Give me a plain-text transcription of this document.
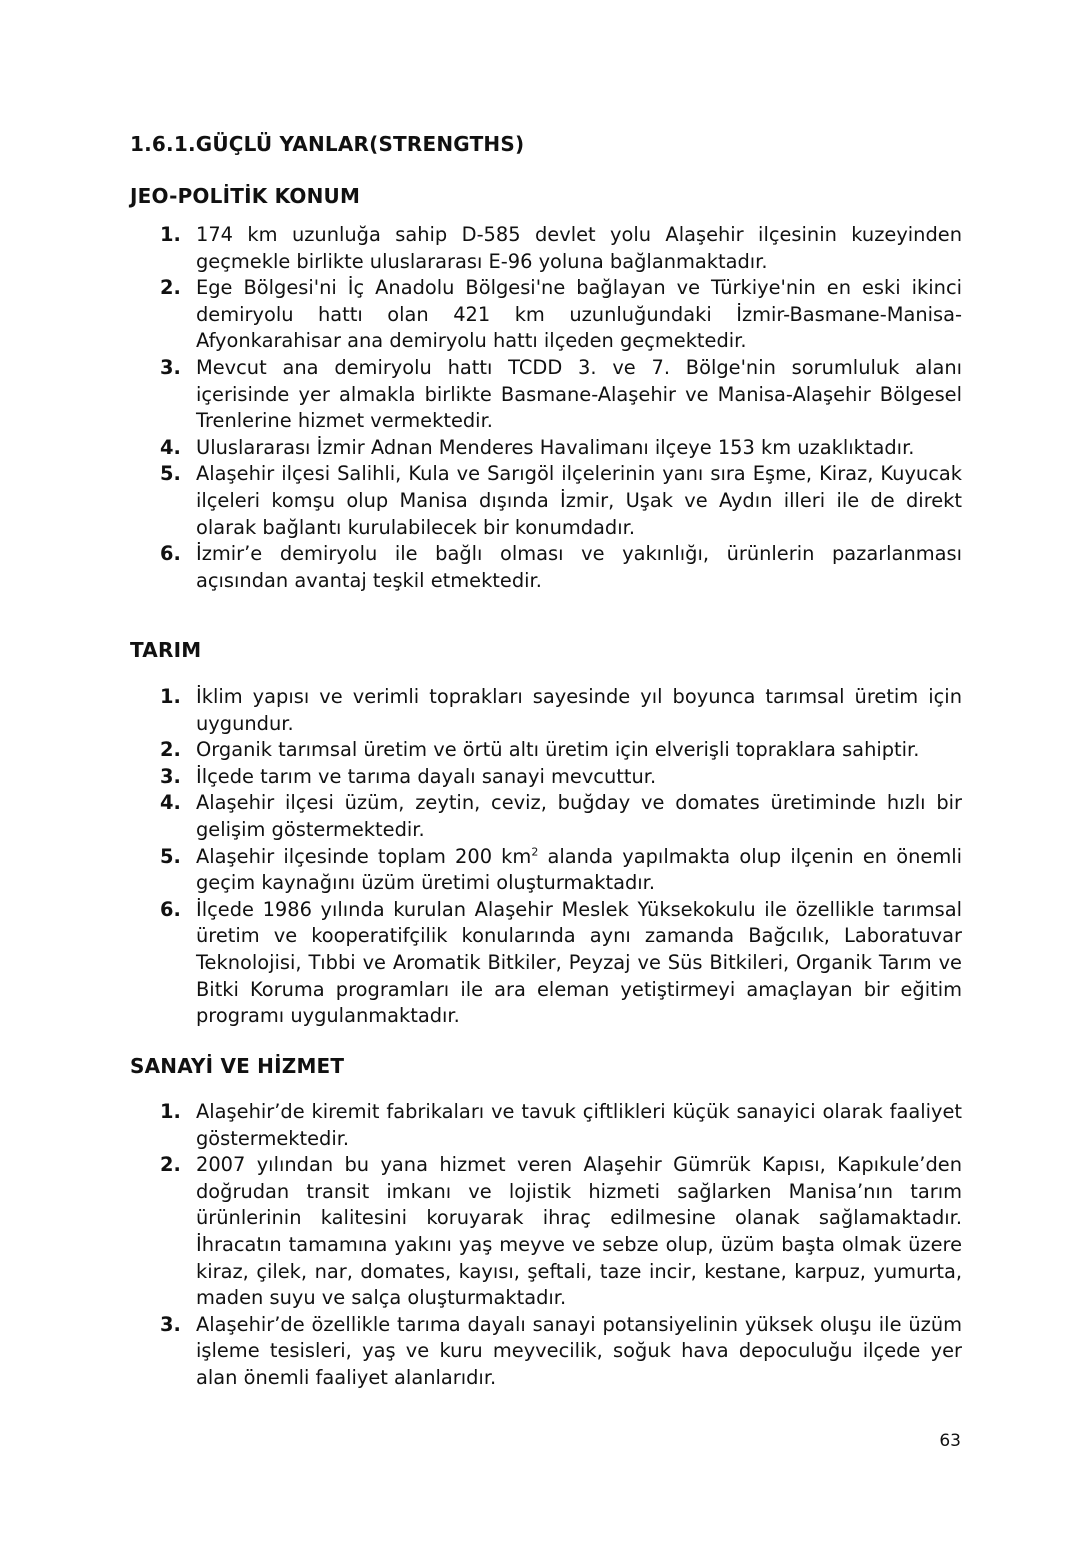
1.6.1.GÜÇLÜ YANLAR(STRENGTHS)
JEO-POLİTİK KONUM
1. 174 km uzunluğa sahip D-585 devlet yolu Alaşehir ilçesinin kuzeyinden geçmekle birlikte uluslararası E-96 yoluna bağlanmaktadır.
2. Ege Bölgesi'ni İç Anadolu Bölgesi'ne bağlayan ve Türkiye'nin en eski ikinci demiryolu hattı olan 421 km uzunluğundaki İzmir-Basmane-Manisa-Afyonkarahisar ana demiryolu hattı ilçeden geçmektedir.
3. Mevcut ana demiryolu hattı TCDD 3. ve 7. Bölge'nin sorumluluk alanı içerisinde yer almakla birlikte Basmane-Alaşehir ve Manisa-Alaşehir Bölgesel Trenlerine hizmet vermektedir.
4. Uluslararası İzmir Adnan Menderes Havalimanı ilçeye 153 km uzaklıktadır.
5. Alaşehir ilçesi Salihli, Kula ve Sarıgöl ilçelerinin yanı sıra Eşme, Kiraz, Kuyucak ilçeleri komşu olup Manisa dışında İzmir, Uşak ve Aydın illeri ile de direkt olarak bağlantı kurulabilecek bir konumdadır.
6. İzmir’e demiryolu ile bağlı olması ve yakınlığı, ürünlerin pazarlanması açısından avantaj teşkil etmektedir.
TARIM
1. İklim yapısı ve verimli toprakları sayesinde yıl boyunca tarımsal üretim için uygundur.
2. Organik tarımsal üretim ve örtü altı üretim için elverişli topraklara sahiptir.
3. İlçede tarım ve tarıma dayalı sanayi mevcuttur.
4. Alaşehir ilçesi üzüm, zeytin, ceviz, buğday ve domates üretiminde hızlı bir gelişim göstermektedir.
5. Alaşehir ilçesinde toplam 200 $km^2$ alanda yapılmakta olup ilçenin en önemli geçim kaynağını üzüm üretimi oluşturmaktadır.
6. İlçede 1986 yılında kurulan Alaşehir Meslek Yüksekokulu ile özellikle tarımsal üretim ve kooperatifçilik konularında aynı zamanda Bağcılık, Laboratuvar Teknolojisi, Tıbbi ve Aromatik Bitkiler, Peyzaj ve Süs Bitkileri, Organik Tarım ve Bitki Koruma programları ile ara eleman yetiştirmeyi amaçlayan bir eğitim programı uygulanmaktadır.
SANAYİ VE HİZMET
1. Alaşehir’de kiremit fabrikaları ve tavuk çiftlikleri küçük sanayici olarak faaliyet göstermektedir.
2. 2007 yılından bu yana hizmet veren Alaşehir Gümrük Kapısı, Kapıkule’den doğrudan transit imkanı ve lojistik hizmeti sağlarken Manisa’nın tarım ürünlerinin kalitesini koruyarak ihraç edilmesine olanak sağlamaktadır. İhracatın tamamına yakını yaş meyve ve sebze olup, üzüm başta olmak üzere kiraz, çilek, nar, domates, kayısı, şeftali, taze incir, kestane, karpuz, yumurta, maden suyu ve salça oluşturmaktadır.
3. Alaşehir’de özellikle tarıma dayalı sanayi potansiyelinin yüksek oluşu ile üzüm işleme tesisleri, yaş ve kuru meyvecilik, soğuk hava depoculuğu ilçede yer alan önemli faaliyet alanlarıdır.

63
